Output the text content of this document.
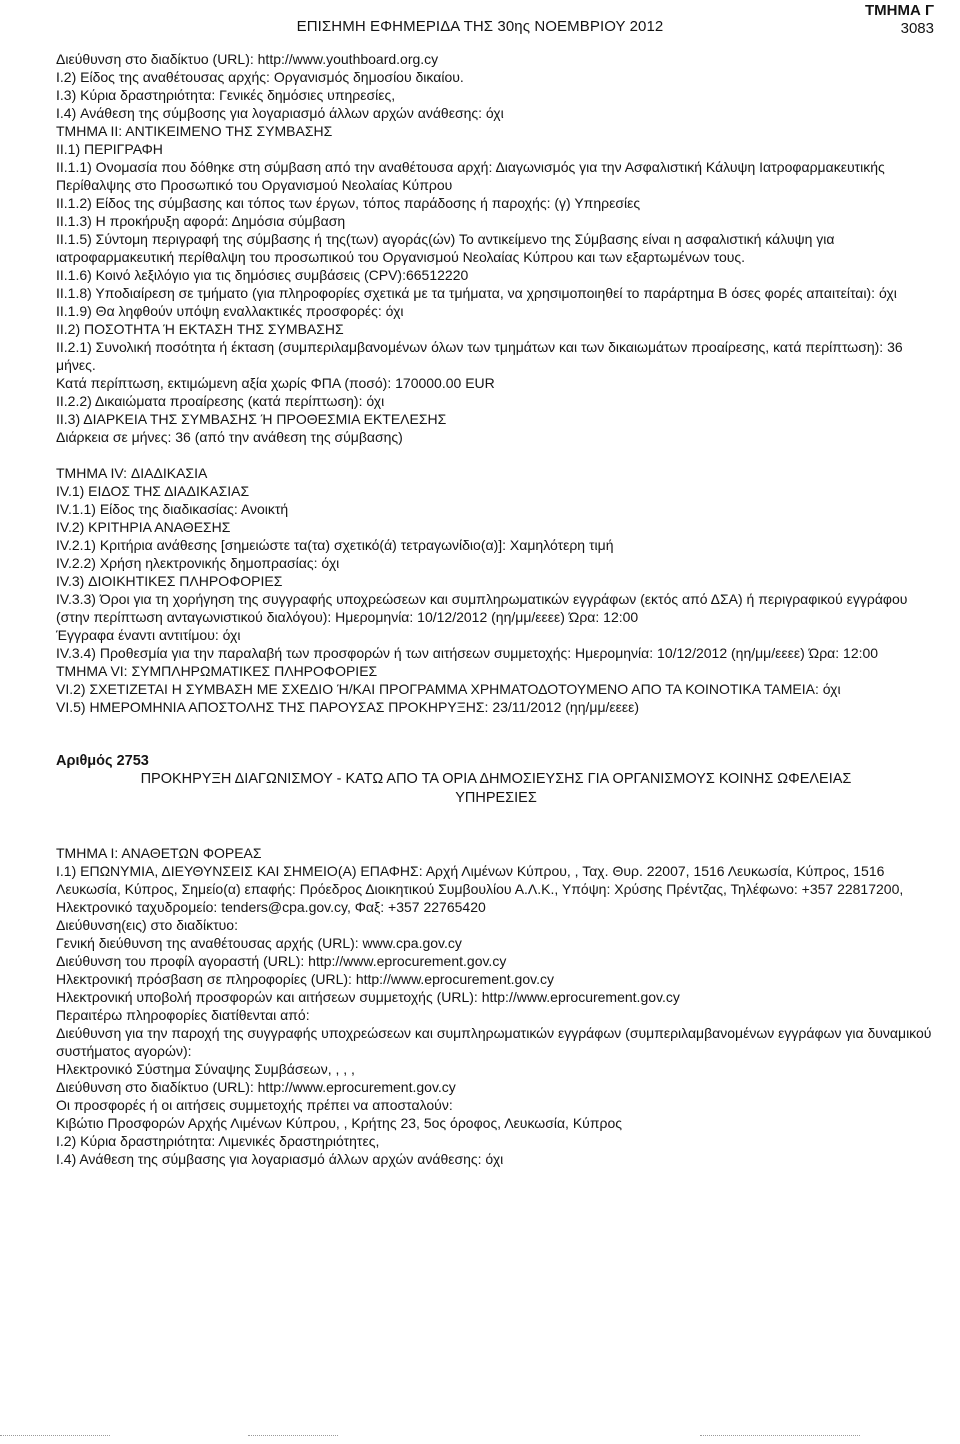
ΕΠΙΣΗΜΗ ΕΦΗΜΕΡΙΔΑ ΤΗΣ 30ης ΝΟΕΜΒΡΙΟΥ 2012
ΤΜΗΜΑ Γ
3083
Διεύθυνση στο διαδίκτυο (URL): http://www.youthboard.org.cy
I.2) Είδος της αναθέτουσας αρχής: Οργανισμός δημοσίου δικαίου.
I.3) Κύρια δραστηριότητα: Γενικές δημόσιες υπηρεσίες,
I.4) Ανάθεση της σύμβοσης για λογαριασμό άλλων αρχών ανάθεσης: όχι
ΤΜΗΜΑ ΙΙ: ΑΝΤΙΚΕΙΜΕΝΟ ΤΗΣ ΣΥΜΒΑΣΗΣ
ΙΙ.1) ΠΕΡΙΓΡΑΦΗ
ΙΙ.1.1) Ονομασία που δόθηκε στη σύμβαση από την αναθέτουσα αρχή: Διαγωνισμός για την Ασφαλιστική Κάλυψη Ιατροφαρμακευτικής Περίθαλψης στο Προσωπικό του Οργανισμού Νεολαίας Κύπρου
ΙΙ.1.2) Είδος της σύμβασης και τόπος των έργων, τόπος παράδοσης ή παροχής: (γ) Υπηρεσίες
ΙΙ.1.3) Η προκήρυξη αφορά: Δημόσια σύμβαση
ΙΙ.1.5) Σύντομη περιγραφή της σύμβασης ή της(των) αγοράς(ών) Το αντικείμενο της Σύμβασης είναι η ασφαλιστική κάλυψη για ιατροφαρμακευτική περίθαλψη του προσωπικού του Οργανισμού Νεολαίας Κύπρου και των εξαρτωμένων τους.
ΙΙ.1.6) Κοινό λεξιλόγιο για τις δημόσιες συμβάσεις (CPV):66512220
ΙΙ.1.8) Υποδιαίρεση σε τμήματο (για πληροφορίες σχετικά με τα τμήματα, να χρησιμοποιηθεί το παράρτημα Β όσες φορές απαιτείται): όχι
ΙΙ.1.9) Θα ληφθούν υπόψη εναλλακτικές προσφορές: όχι
ΙΙ.2) ΠΟΣΟΤΗΤΑ Ή ΕΚΤΑΣΗ ΤΗΣ ΣΥΜΒΑΣΗΣ
ΙΙ.2.1) Συνολική ποσότητα ή έκταση (συμπεριλαμβανομένων όλων των τμημάτων και των δικαιωμάτων προαίρεσης, κατά περίπτωση): 36 μήνες.
Κατά περίπτωση, εκτιμώμενη αξία χωρίς ΦΠΑ (ποσό): 170000.00 EUR
ΙΙ.2.2) Δικαιώματα προαίρεσης (κατά περίπτωση): όχι
ΙΙ.3) ΔΙΑΡΚΕΙΑ ΤΗΣ ΣΥΜΒΑΣΗΣ Ή ΠΡΟΘΕΣΜΙΑ ΕΚΤΕΛΕΣΗΣ
Διάρκεια σε μήνες: 36 (από την ανάθεση της σύμβασης)
ΤΜΗΜΑ IV: ΔΙΑΔΙΚΑΣΙΑ
IV.1) ΕΙΔΟΣ ΤΗΣ ΔΙΑΔΙΚΑΣΙΑΣ
IV.1.1) Είδος της διαδικασίας: Ανοικτή
IV.2) ΚΡΙΤΗΡΙΑ ΑΝΑΘΕΣΗΣ
IV.2.1) Κριτήρια ανάθεσης [σημειώστε τα(τα) σχετικό(ά) τετραγωνίδιο(α)]: Χαμηλότερη τιμή
IV.2.2) Χρήση ηλεκτρονικής δημοπρασίας: όχι
IV.3) ΔΙΟΙΚΗΤΙΚΕΣ ΠΛΗΡΟΦΟΡΙΕΣ
IV.3.3) Όροι για τη χορήγηση της συγγραφής υποχρεώσεων και συμπληρωματικών εγγράφων (εκτός από ΔΣΑ) ή περιγραφικού εγγράφου (στην περίπτωση ανταγωνιστικού διαλόγου): Ημερομηνία: 10/12/2012 (ηη/μμ/εεεε) Ώρα: 12:00
Έγγραφα έναντι αντιτίμου: όχι
IV.3.4) Προθεσμία για την παραλαβή των προσφορών ή των αιτήσεων συμμετοχής: Ημερομηνία: 10/12/2012 (ηη/μμ/εεεε) Ώρα: 12:00
ΤΜΗΜΑ VI: ΣΥΜΠΛΗΡΩΜΑΤΙΚΕΣ ΠΛΗΡΟΦΟΡΙΕΣ
VI.2) ΣΧΕΤΙΖΕΤΑΙ Η ΣΥΜΒΑΣΗ ΜΕ ΣΧΕΔΙΟ Ή/ΚΑΙ ΠΡΟΓΡΑΜΜΑ ΧΡΗΜΑΤΟΔΟΤΟΥΜΕΝΟ ΑΠΟ ΤΑ ΚΟΙΝΟΤΙΚΑ ΤΑΜΕΙΑ: όχι
VI.5) ΗΜΕΡΟΜΗΝΙΑ ΑΠΟΣΤΟΛΗΣ ΤΗΣ ΠΑΡΟΥΣΑΣ ΠΡΟΚΗΡΥΞΗΣ: 23/11/2012 (ηη/μμ/εεεε)
Αριθμός 2753
ΠΡΟΚΗΡΥΞΗ ΔΙΑΓΩΝΙΣΜΟΥ - ΚΑΤΩ ΑΠΟ ΤΑ ΟΡΙΑ ΔΗΜΟΣΙΕΥΣΗΣ ΓΙΑ ΟΡΓΑΝΙΣΜΟΥΣ ΚΟΙΝΗΣ ΩΦΕΛΕΙΑΣ
ΥΠΗΡΕΣΙΕΣ
ΤΜΗΜΑ Ι: ΑΝΑΘΕΤΩΝ ΦΟΡΕΑΣ
Ι.1) ΕΠΩΝΥΜΙΑ, ΔΙΕΥΘΥΝΣΕΙΣ ΚΑΙ ΣΗΜΕΙΟ(Α) ΕΠΑΦΗΣ: Αρχή Λιμένων Κύπρου, , Ταχ. Θυρ. 22007, 1516 Λευκωσία, Κύπρος, 1516 Λευκωσία, Κύπρος, Σημείο(α) επαφής: Πρόεδρος Διοικητικού Συμβουλίου Α.Λ.Κ., Υπόψη: Χρύσης Πρέντζας, Τηλέφωνο: +357 22817200, Ηλεκτρονικό ταχυδρομείο: tenders@cpa.gov.cy, Φαξ: +357 22765420
Διεύθυνση(εις) στο διαδίκτυο:
Γενική διεύθυνση της αναθέτουσας αρχής (URL): www.cpa.gov.cy
Διεύθυνση του προφίλ αγοραστή (URL): http://www.eprocurement.gov.cy
Ηλεκτρονική πρόσβαση σε πληροφορίες (URL): http://www.eprocurement.gov.cy
Ηλεκτρονική υποβολή προσφορών και αιτήσεων συμμετοχής (URL): http://www.eprocurement.gov.cy
Περαιτέρω πληροφορίες διατίθενται από:
Διεύθυνση για την παροχή της συγγραφής υποχρεώσεων και συμπληρωματικών εγγράφων (συμπεριλαμβανομένων εγγράφων για δυναμικού συστήματος αγορών):
Ηλεκτρονικό Σύστημα Σύναψης Συμβάσεων, , , ,
Διεύθυνση στο διαδίκτυο (URL): http://www.eprocurement.gov.cy
Οι προσφορές ή οι αιτήσεις συμμετοχής πρέπει να αποσταλούν:
Κιβώτιο Προσφορών Αρχής Λιμένων Κύπρου, , Κρήτης 23, 5ος όροφος, Λευκωσία, Κύπρος
Ι.2) Κύρια δραστηριότητα: Λιμενικές δραστηριότητες,
Ι.4) Ανάθεση της σύμβασης για λογαριασμό άλλων αρχών ανάθεσης: όχι
